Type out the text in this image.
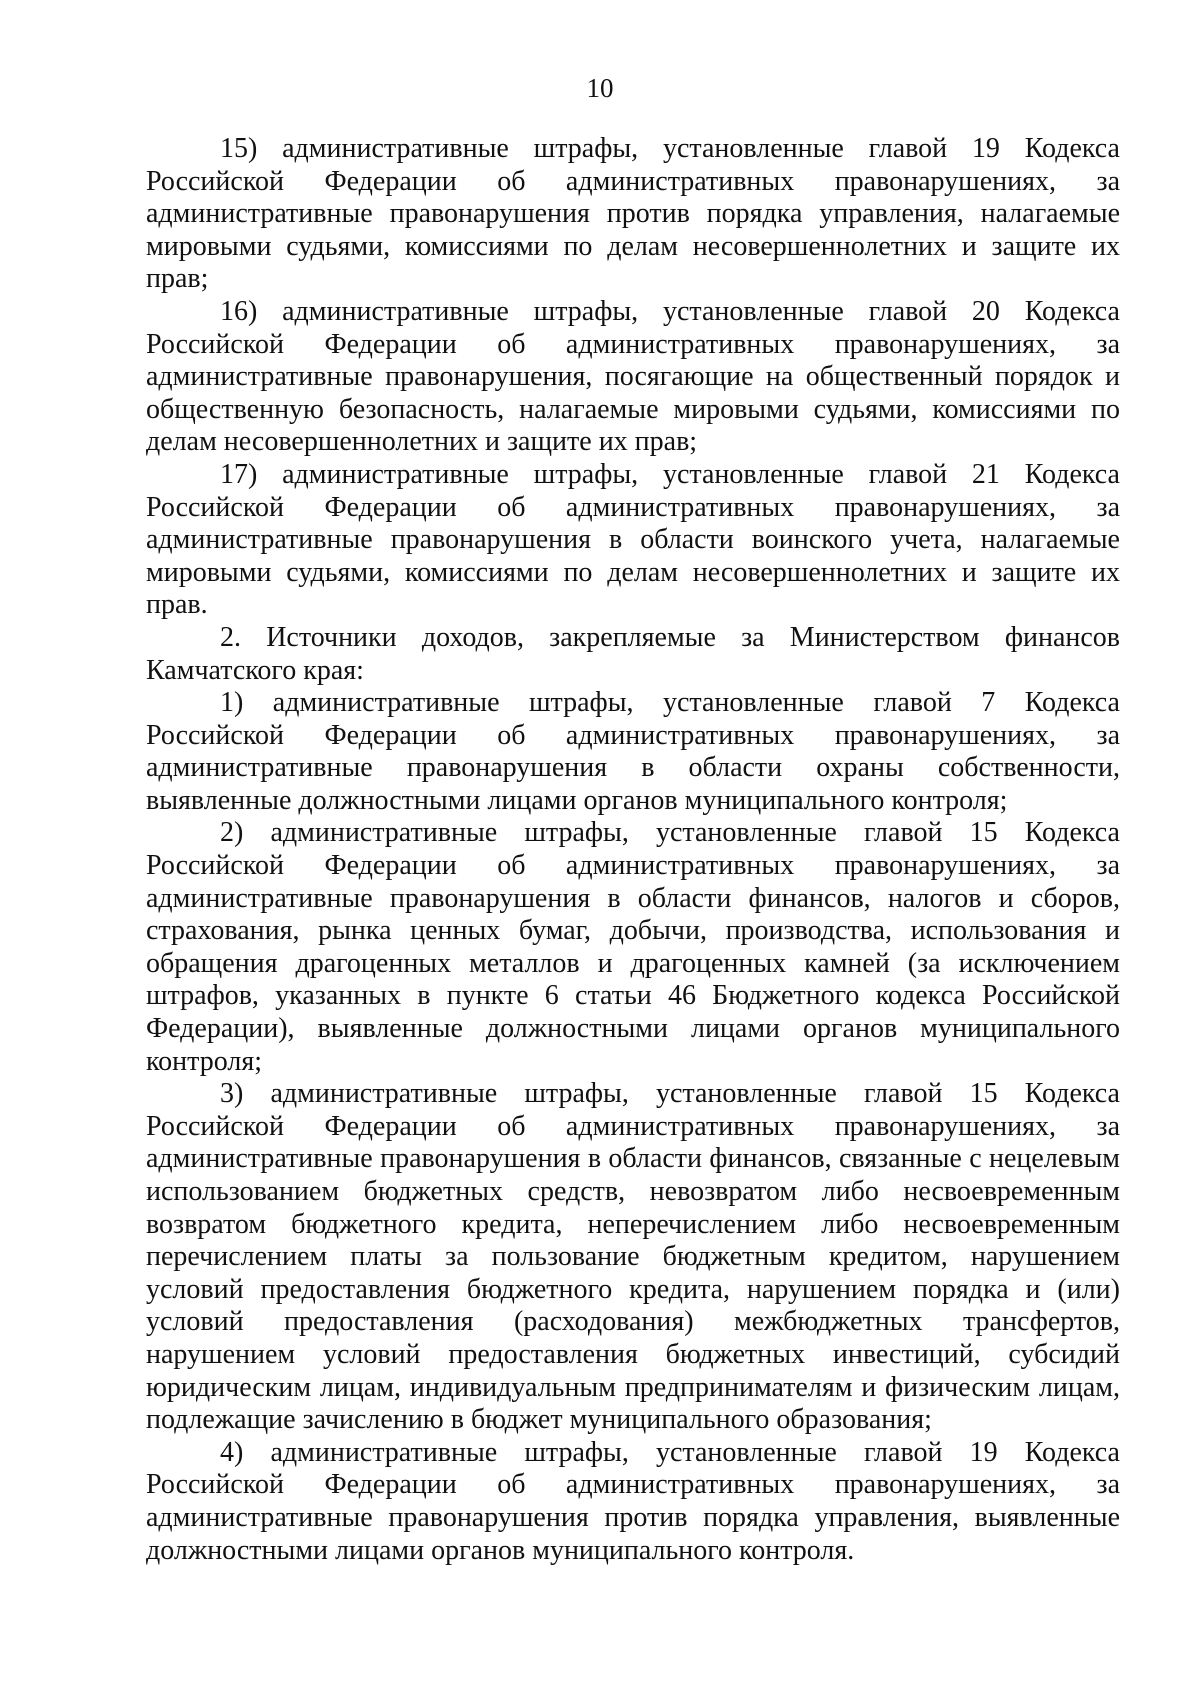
10

15) административные штрафы, установленные главой 19 Кодекса Российской Федерации об административных правонарушениях, за административные правонарушения против порядка управления, налагаемые мировыми судьями, комиссиями по делам несовершеннолетних и защите их прав;

16) административные штрафы, установленные главой 20 Кодекса Российской Федерации об административных правонарушениях, за административные правонарушения, посягающие на общественный порядок и общественную безопасность, налагаемые мировыми судьями, комиссиями по делам несовершеннолетних и защите их прав;

17) административные штрафы, установленные главой 21 Кодекса Российской Федерации об административных правонарушениях, за административные правонарушения в области воинского учета, налагаемые мировыми судьями, комиссиями по делам несовершеннолетних и защите их прав.

2. Источники доходов, закрепляемые за Министерством финансов Камчатского края:

1) административные штрафы, установленные главой 7 Кодекса Российской Федерации об административных правонарушениях, за административные правонарушения в области охраны собственности, выявленные должностными лицами органов муниципального контроля;

2) административные штрафы, установленные главой 15 Кодекса Российской Федерации об административных правонарушениях, за административные правонарушения в области финансов, налогов и сборов, страхования, рынка ценных бумаг, добычи, производства, использования и обращения драгоценных металлов и драгоценных камней (за исключением штрафов, указанных в пункте 6 статьи 46 Бюджетного кодекса Российской Федерации), выявленные должностными лицами органов муниципального контроля;

3) административные штрафы, установленные главой 15 Кодекса Российской Федерации об административных правонарушениях, за административные правонарушения в области финансов, связанные с нецелевым использованием бюджетных средств, невозвратом либо несвоевременным возвратом бюджетного кредита, неперечислением либо несвоевременным перечислением платы за пользование бюджетным кредитом, нарушением условий предоставления бюджетного кредита, нарушением порядка и (или) условий предоставления (расходования) межбюджетных трансфертов, нарушением условий предоставления бюджетных инвестиций, субсидий юридическим лицам, индивидуальным предпринимателям и физическим лицам, подлежащие зачислению в бюджет муниципального образования;

4) административные штрафы, установленные главой 19 Кодекса Российской Федерации об административных правонарушениях, за административные правонарушения против порядка управления, выявленные должностными лицами органов муниципального контроля.
